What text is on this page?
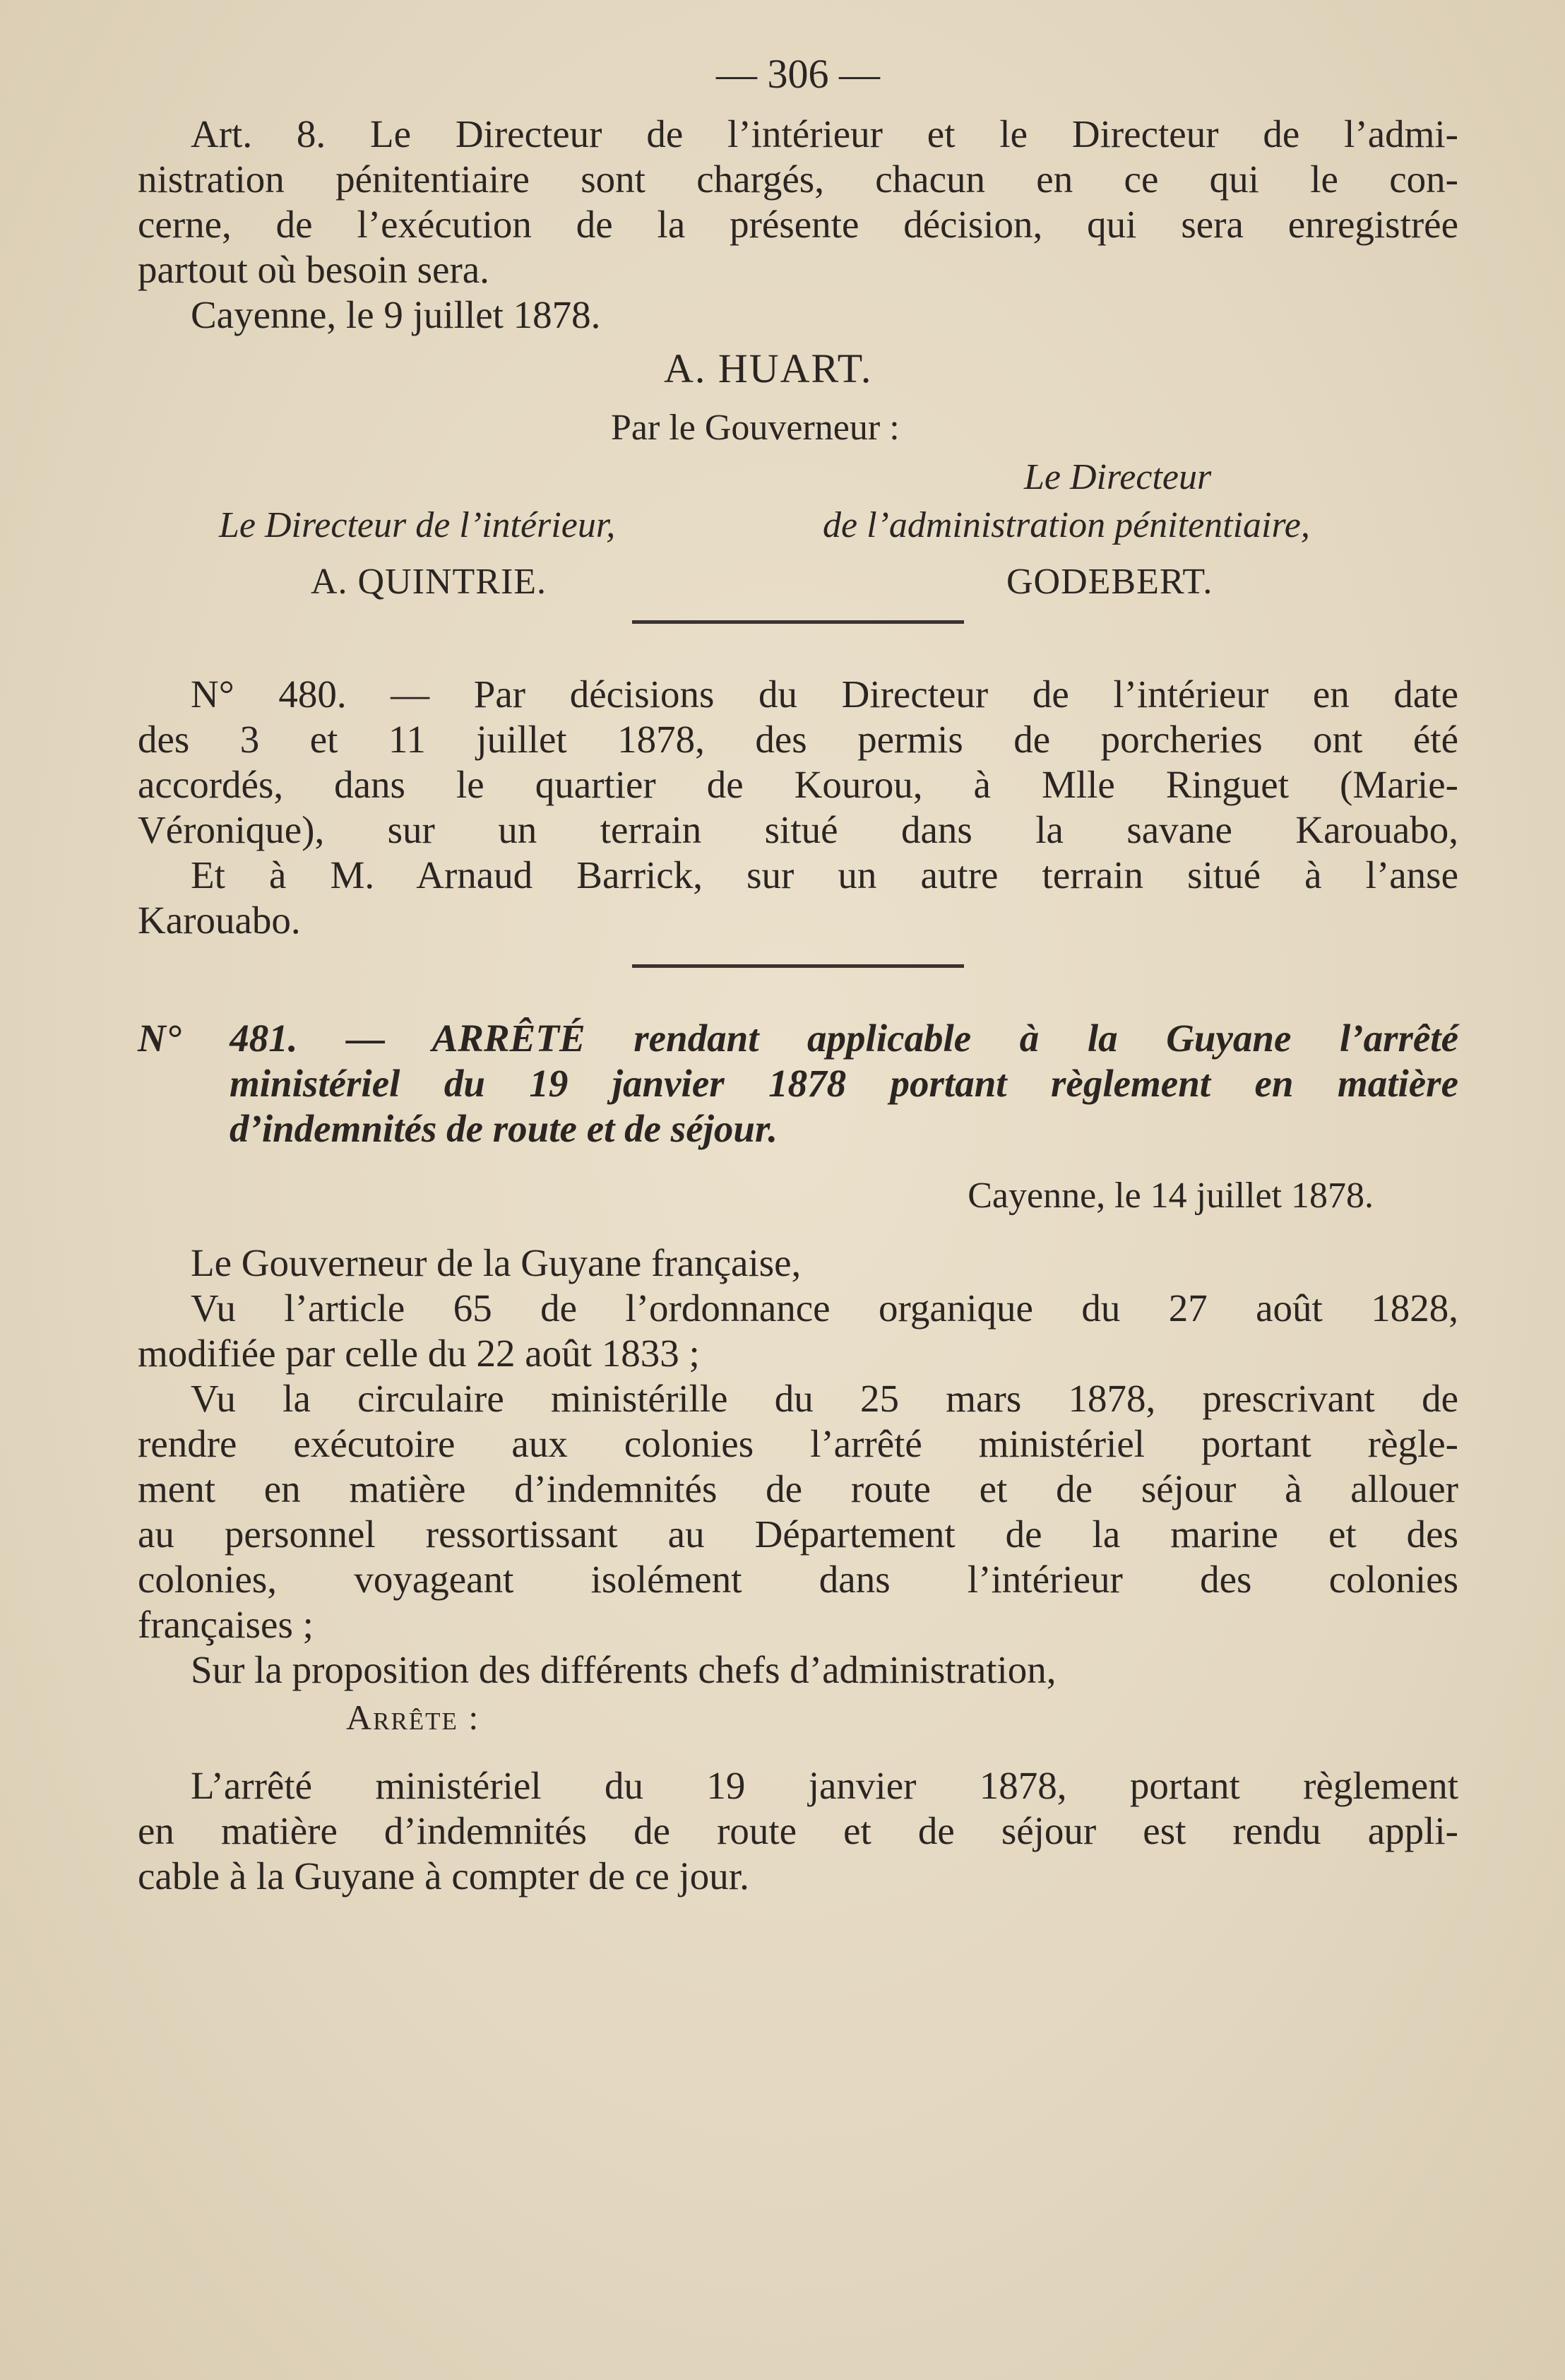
— 306 —
Art. 8. Le Directeur de l’intérieur et le Directeur de l’admi-
nistration pénitentiaire sont chargés, chacun en ce qui le con-
cerne, de l’exécution de la présente décision, qui sera enregistrée
partout où besoin sera.
Cayenne, le 9 juillet 1878.
A. HUART.
Par le Gouverneur :
Le Directeur
Le Directeur de l’intérieur,	de l’administration pénitentiaire,
A. QUINTRIE.	GODEBERT.
N° 480. — Par décisions du Directeur de l’intérieur en date
des 3 et 11 juillet 1878, des permis de porcheries ont été
accordés, dans le quartier de Kourou, à Mlle Ringuet (Marie-
Véronique), sur un terrain situé dans la savane Karouabo,
Et à M. Arnaud Barrick, sur un autre terrain situé à l’anse
Karouabo.
N° 481. — ARRÊTÉ rendant applicable à la Guyane l’arrêté
ministériel du 19 janvier 1878 portant règlement en matière
d’indemnités de route et de séjour.
Cayenne, le 14 juillet 1878.
Le Gouverneur de la Guyane française,
Vu l’article 65 de l’ordonnance organique du 27 août 1828,
modifiée par celle du 22 août 1833 ;
Vu la circulaire ministérille du 25 mars 1878, prescrivant de
rendre exécutoire aux colonies l’arrêté ministériel portant règle-
ment en matière d’indemnités de route et de séjour à allouer
au personnel ressortissant au Département de la marine et des
colonies, voyageant isolément dans l’intérieur des colonies
françaises ;
Sur la proposition des différents chefs d’administration,
Arrête :
L’arrêté ministériel du 19 janvier 1878, portant règlement
en matière d’indemnités de route et de séjour est rendu appli-
cable à la Guyane à compter de ce jour.
